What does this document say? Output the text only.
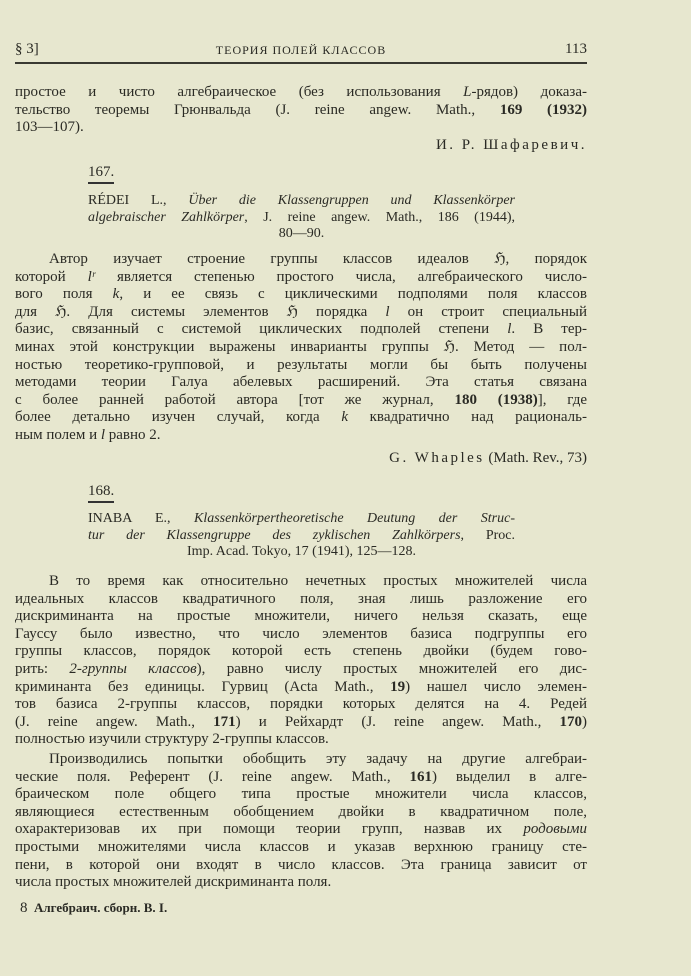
§ 3]	ТЕОРИЯ ПОЛЕЙ КЛАССОВ	113
простое и чисто алгебраическое (без использования L-рядов) доказа-
тельство теоремы Грюнвальда (J. reine angew. Math., 169 (1932)
103—107).
И. Р. Шафаревич.
167.
RÉDEI L., Über die Klassengruppen und Klassenkörper
algebraischer Zahlkörper, J. reine angew. Math., 186 (1944),
80—90.
Автор изучает строение группы классов идеалов ℌ, порядок
которой lʳ является степенью простого числа, алгебраического число-
вого поля k, и ее связь с циклическими подполями поля классов
для ℌ. Для системы элементов ℌ порядка l он строит специальный
базис, связанный с системой циклических подполей степени l. В тер-
минах этой конструкции выражены инварианты группы ℌ. Метод — пол-
ностью теоретико-групповой, и результаты могли бы быть получены
методами теории Галуа абелевых расширений. Эта статья связана
с более ранней работой автора [тот же журнал, 180 (1938)], где
более детально изучен случай, когда k квадратично над рациональ-
ным полем и l равно 2.
G. Whaples (Math. Rev., 73)
168.
INABA E., Klassenkörpertheoretische Deutung der Struc-
tur der Klassengruppe des zyklischen Zahlkörpers, Proc.
Imp. Acad. Tokyo, 17 (1941), 125—128.
В то время как относительно нечетных простых множителей числа
идеальных классов квадратичного поля, зная лишь разложение его
дискриминанта на простые множители, ничего нельзя сказать, еще
Гауссу было известно, что число элементов базиса подгруппы его
группы классов, порядок которой есть степень двойки (будем гово-
рить: 2-группы классов), равно числу простых множителей его дис-
криминанта без единицы. Гурвиц (Acta Math., 19) нашел число элемен-
тов базиса 2-группы классов, порядки которых делятся на 4. Редей
(J. reine angew. Math., 171) и Рейхардт (J. reine angew. Math., 170)
полностью изучили структуру 2-группы классов.
Производились попытки обобщить эту задачу на другие алгебраи-
ческие поля. Референт (J. reine angew. Math., 161) выделил в алге-
браическом поле общего типа простые множители числа классов,
являющиеся естественным обобщением двойки в квадратичном поле,
охарактеризовав их при помощи теории групп, назвав их родовыми
простыми множителями числа классов и указав верхнюю границу сте-
пени, в которой они входят в число классов. Эта граница зависит от
числа простых множителей дискриминанта поля.
8 Алгебраич. сборн. В. I.
